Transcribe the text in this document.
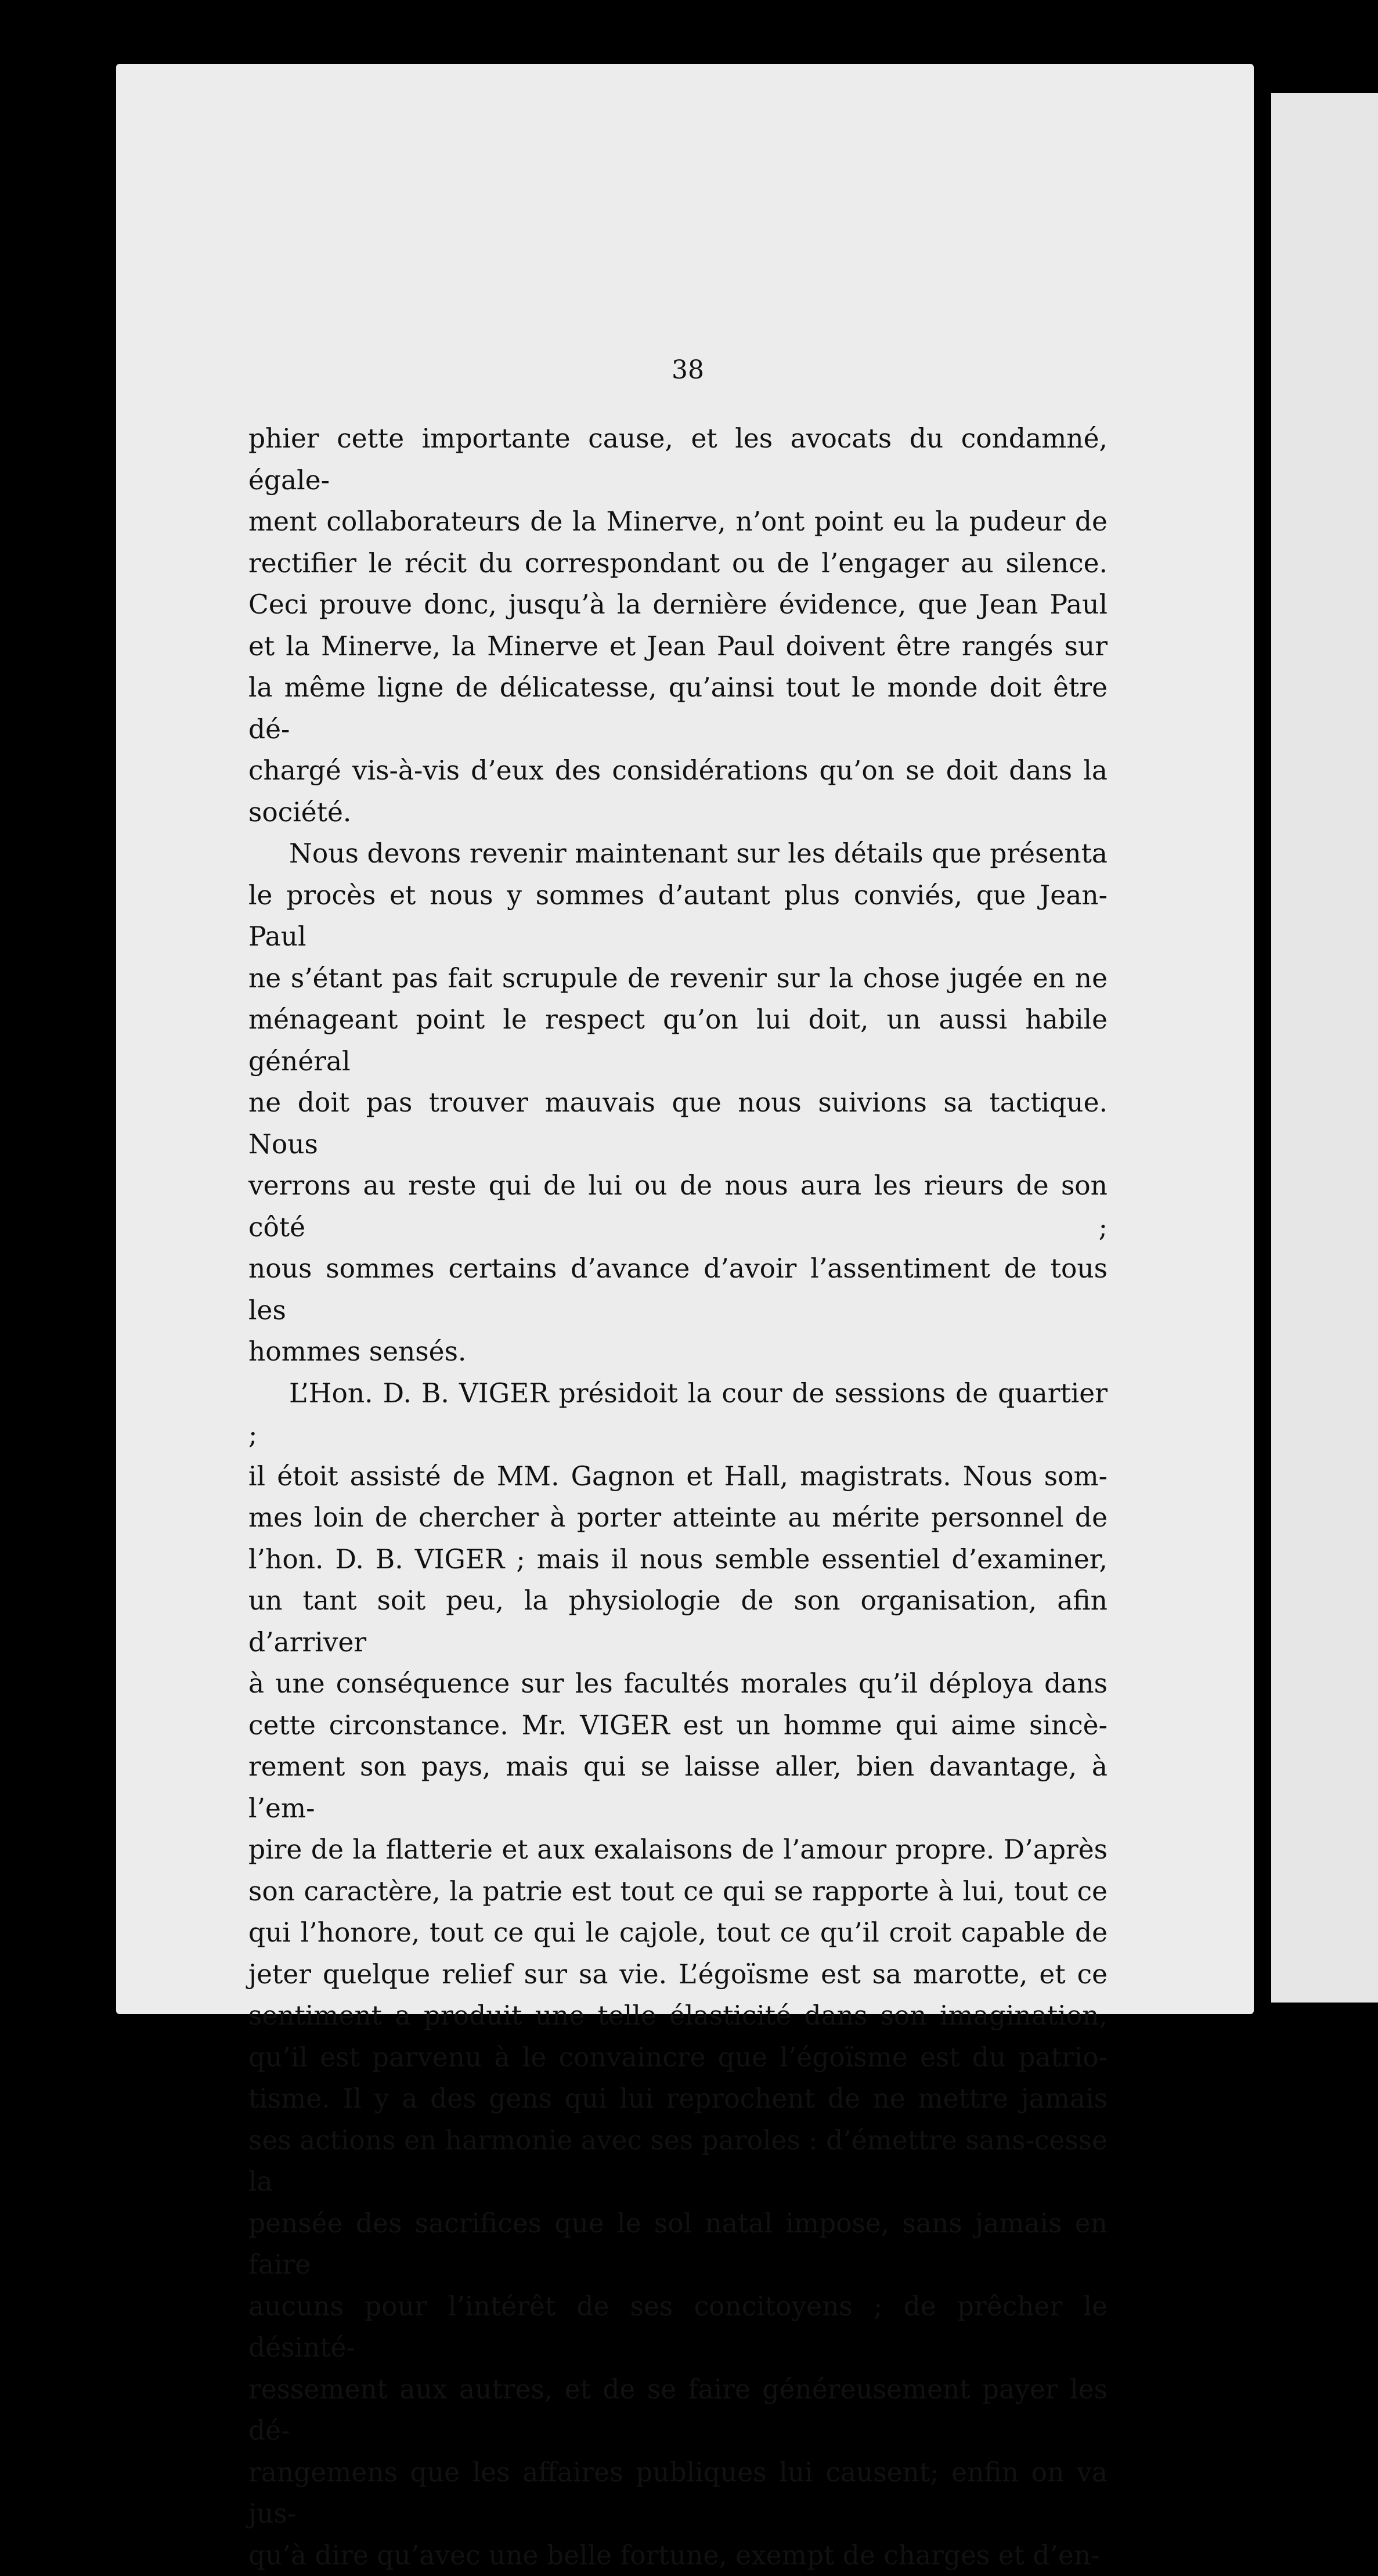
38

phier cette importante cause, et les avocats du condamné, égale-
ment collaborateurs de la Minerve, n’ont point eu la pudeur de
rectifier le récit du correspondant ou de l’engager au silence.
Ceci prouve donc, jusqu’à la dernière évidence, que Jean Paul
et la Minerve, la Minerve et Jean Paul doivent être rangés sur
la même ligne de délicatesse, qu’ainsi tout le monde doit être dé-
chargé vis-à-vis d’eux des considérations qu’on se doit dans la
société.

Nous devons revenir maintenant sur les détails que présenta
le procès et nous y sommes d’autant plus conviés, que Jean-Paul
ne s’étant pas fait scrupule de revenir sur la chose jugée en ne
ménageant point le respect qu’on lui doit, un aussi habile général
ne doit pas trouver mauvais que nous suivions sa tactique. Nous
verrons au reste qui de lui ou de nous aura les rieurs de son côté ;
nous sommes certains d’avance d’avoir l’assentiment de tous les
hommes sensés.

L’Hon. D. B. VIGER présidoit la cour de sessions de quartier ;
il étoit assisté de MM. Gagnon et Hall, magistrats. Nous som-
mes loin de chercher à porter atteinte au mérite personnel de
l’hon. D. B. VIGER ; mais il nous semble essentiel d’examiner,
un tant soit peu, la physiologie de son organisation, afin d’arriver
à une conséquence sur les facultés morales qu’il déploya dans
cette circonstance. Mr. VIGER est un homme qui aime sincè-
rement son pays, mais qui se laisse aller, bien davantage, à l’em-
pire de la flatterie et aux exalaisons de l’amour propre. D’après
son caractère, la patrie est tout ce qui se rapporte à lui, tout ce
qui l’honore, tout ce qui le cajole, tout ce qu’il croit capable de
jeter quelque relief sur sa vie. L’égoïsme est sa marotte, et ce
sentiment a produit une telle élasticité dans son imagination,
qu’il est parvenu à le convaincre que l’égoïsme est du patrio-
tisme. Il y a des gens qui lui reprochent de ne mettre jamais
ses actions en harmonie avec ses paroles : d’émettre sans-cesse la
pensée des sacrifices que le sol natal impose, sans jamais en faire
aucuns pour l’intérêt de ses concitoyens ; de prêcher le désinté-
ressement aux autres, et de se faire généreusement payer les dé-
rangemens que les affaires publiques lui causent; enfin on va jus-
qu’à dire qu’avec une belle fortune, exempt de charges et d’en-
